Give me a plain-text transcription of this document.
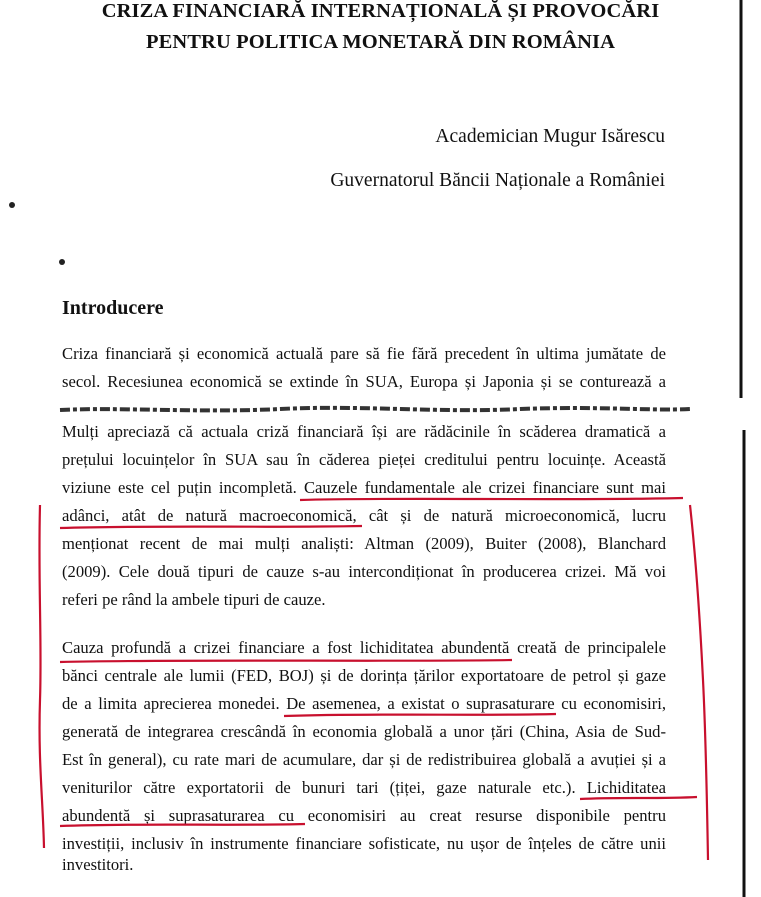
CRIZA FINANCIARĂ INTERNAȚIONALĂ ȘI PROVOCĂRI
PENTRU POLITICA MONETARĂ DIN ROMÂNIA
Academician Mugur Isărescu
Guvernatorul Băncii Naționale a României
Introducere
Criza financiară și economică actuală pare să fie fără precedent în ultima jumătate de
secol. Recesiunea economică se extinde în SUA, Europa și Japonia și se conturează a
Mulți apreciază că actuala criză financiară își are rădăcinile în scăderea dramatică a
prețului locuințelor în SUA sau în căderea pieței creditului pentru locuințe. Această
viziune este cel puțin incompletă. Cauzele fundamentale ale crizei financiare sunt mai
adânci, atât de natură macroeconomică, cât și de natură microeconomică, lucru
menționat recent de mai mulți analiști: Altman (2009), Buiter (2008), Blanchard
(2009). Cele două tipuri de cauze s-au intercondiționat în producerea crizei. Mă voi
referi pe rând la ambele tipuri de cauze.
Cauza profundă a crizei financiare a fost lichiditatea abundentă creată de principalele
bănci centrale ale lumii (FED, BOJ) și de dorința țărilor exportatoare de petrol și gaze
de a limita aprecierea monedei. De asemenea, a existat o suprasaturare cu economisiri,
generată de integrarea crescândă în economia globală a unor țări (China, Asia de Sud-
Est în general), cu rate mari de acumulare, dar și de redistribuirea globală a avuției și a
veniturilor către exportatorii de bunuri tari (țiței, gaze naturale etc.). Lichiditatea
abundentă și suprasaturarea cu economisiri au creat resurse disponibile pentru
investiții, inclusiv în instrumente financiare sofisticate, nu ușor de înțeles de către unii
investitori.
